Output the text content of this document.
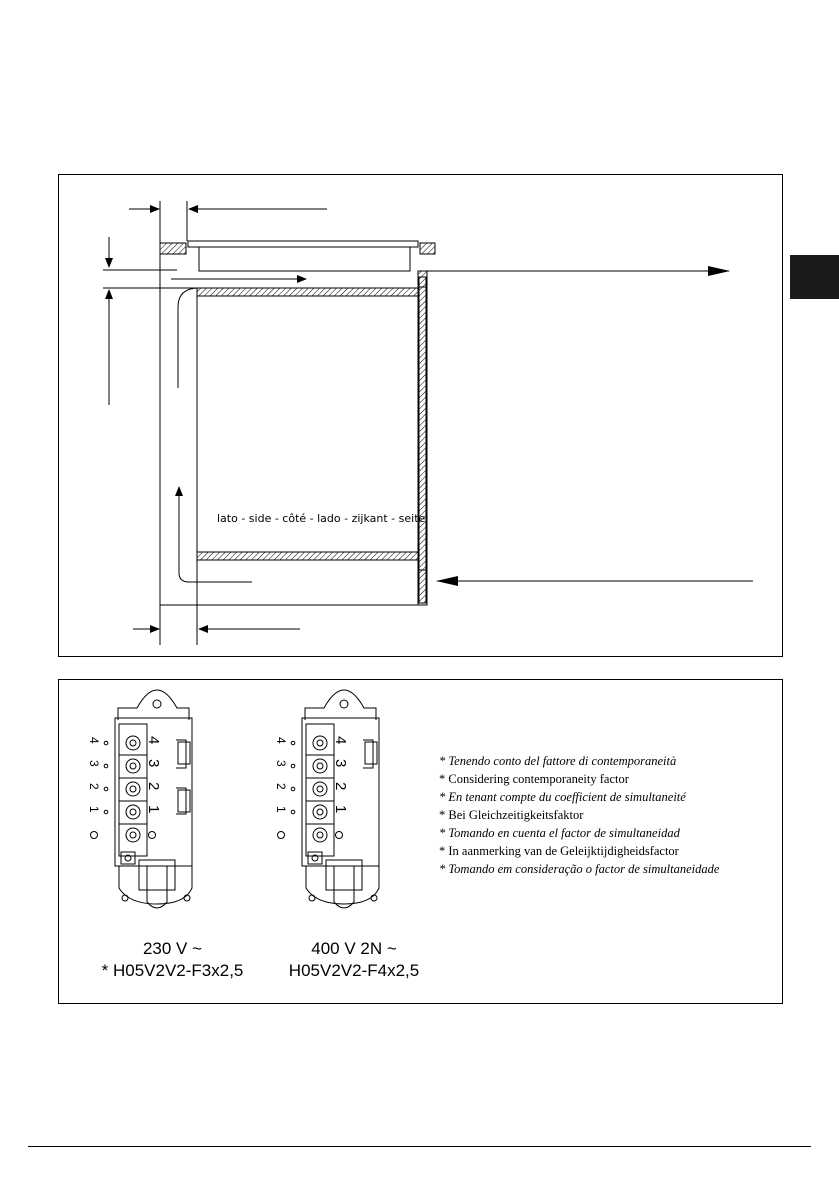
lato - side - côté - lado - zijkant - seite
4
3
2
1
4
3
2
1
4
3
2
1
4
3
2
1
* Tenendo conto del fattore di contemporaneità
* Considering contemporaneity factor
* En tenant compte du coefficient de simultaneité
* Bei Gleichzeitigkeitsfaktor
* Tomando en cuenta el factor de simultaneidad
* In aanmerking van de Geleijktijdigheidsfactor
* Tomando em consideração o factor de simultaneidade
230 V ~
* H05V2V2-F3x2,5
400 V 2N ~
H05V2V2-F4x2,5
